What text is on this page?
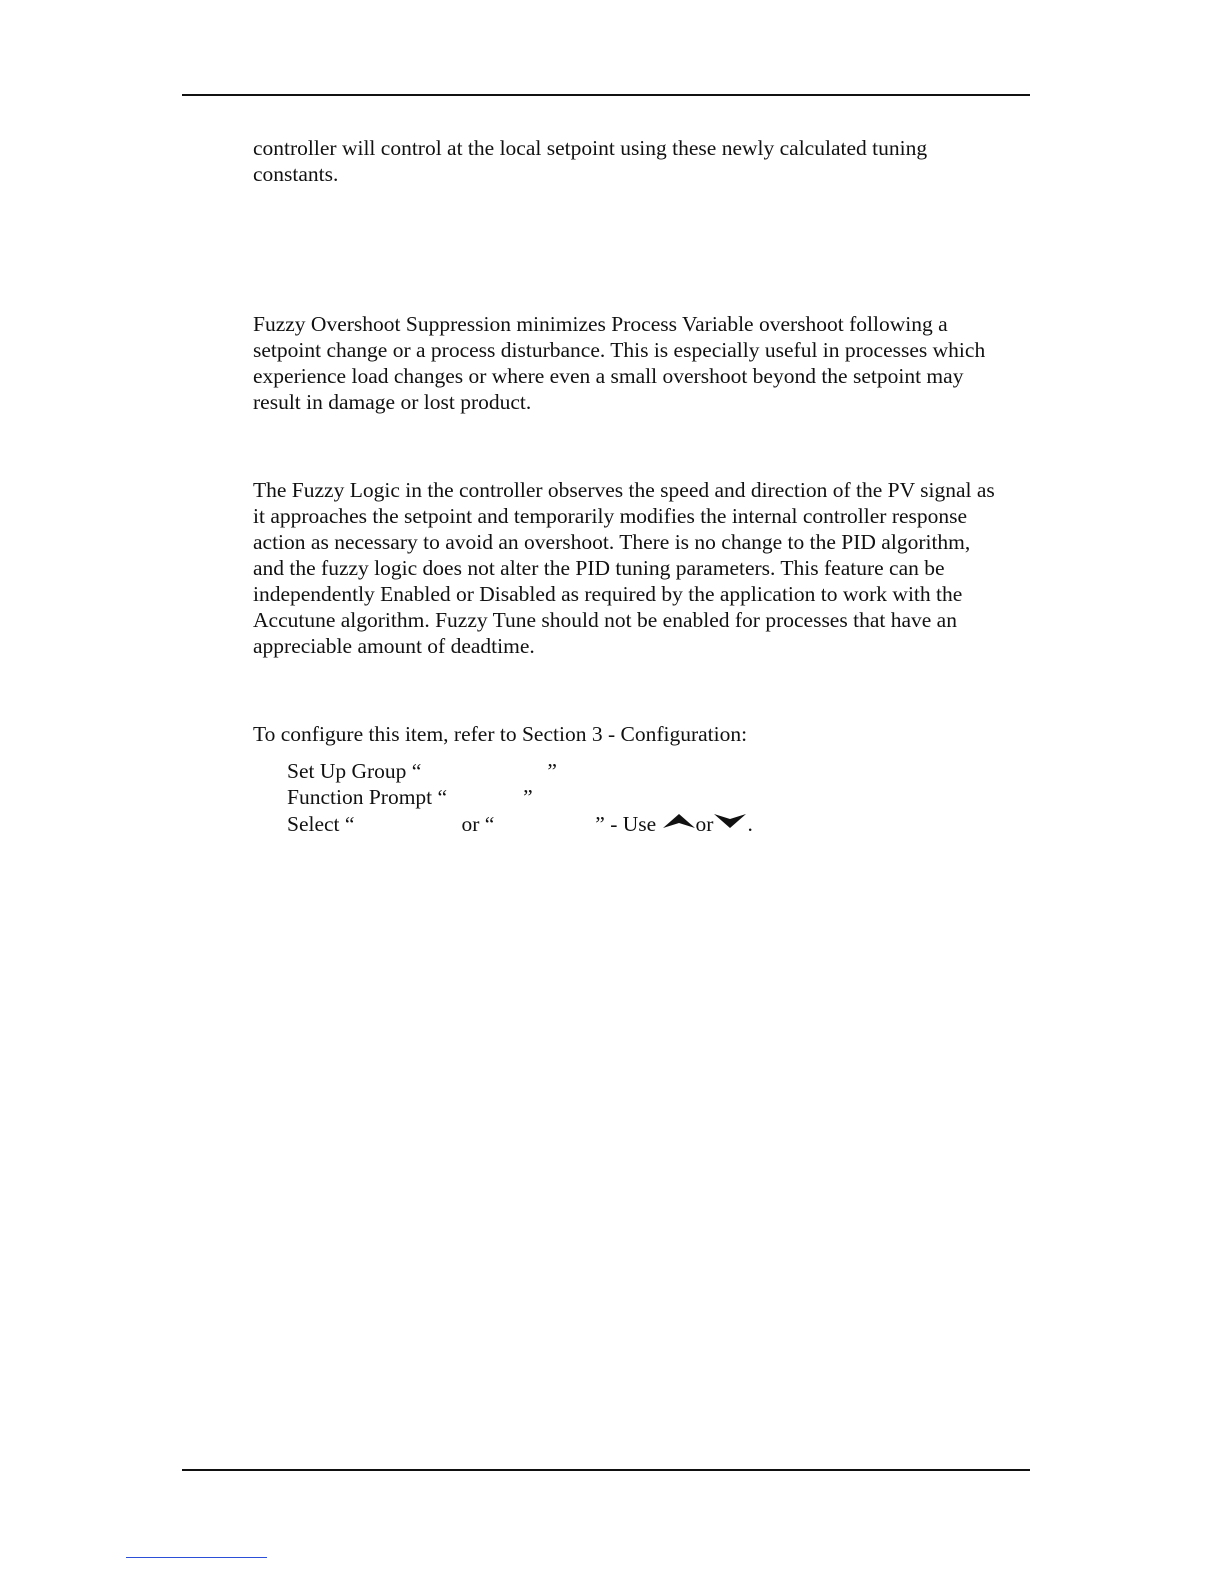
controller will control at the local setpoint using these newly calculated tuning
constants.
Fuzzy Overshoot Suppression minimizes Process Variable overshoot following a
setpoint change or a process disturbance. This is especially useful in processes which
experience load changes or where even a small overshoot beyond the setpoint may
result in damage or lost product.
The Fuzzy Logic in the controller observes the speed and direction of the PV signal as
it approaches the setpoint and temporarily modifies the internal controller response
action as necessary to avoid an overshoot. There is no change to the PID algorithm,
and the fuzzy logic does not alter the PID tuning parameters. This feature can be
independently Enabled or Disabled as required by the application to work with the
Accutune algorithm. Fuzzy Tune should not be enabled for processes that have an
appreciable amount of deadtime.
To configure this item, refer to Section 3 - Configuration:
Set Up Group “	”
Function Prompt “	”
Select “	or “	” - Use or .
